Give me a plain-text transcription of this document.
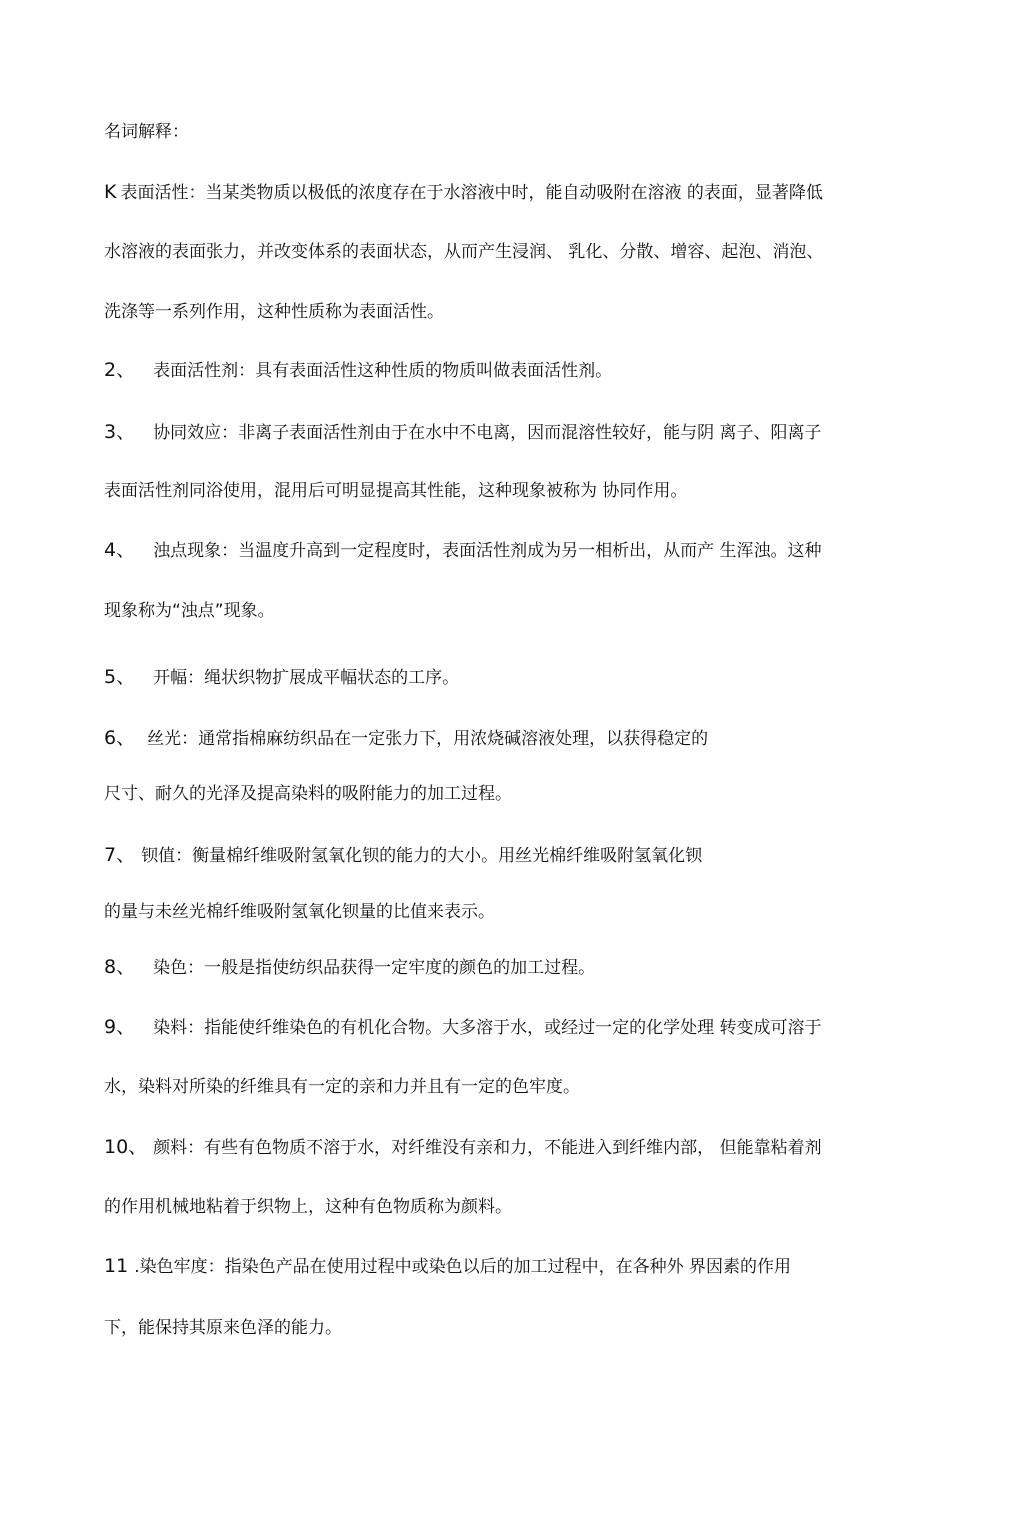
名词解释：
K 表面活性：当某类物质以极低的浓度存在于水溶液中时，能自动吸附在溶液 的表面，显著降低
水溶液的表面张力，并改变体系的表面状态，从而产生浸润、 乳化、分散、增容、起泡、消泡、
洗涤等一系列作用，这种性质称为表面活性。
2、 表面活性剂：具有表面活性这种性质的物质叫做表面活性剂。
3、 协同效应：非离子表面活性剂由于在水中不电离，因而混溶性较好，能与阴 离子、阳离子
表面活性剂同浴使用，混用后可明显提高其性能，这种现象被称为 协同作用。
4、 浊点现象：当温度升高到一定程度时，表面活性剂成为另一相析出，从而产 生浑浊。这种
现象称为“浊点”现象。
5、 开幅：绳状织物扩展成平幅状态的工序。
6、 丝光：通常指棉麻纺织品在一定张力下，用浓烧碱溶液处理，以获得稳定的
尺寸、耐久的光泽及提高染料的吸附能力的加工过程。
7、 钡值：衡量棉纤维吸附氢氧化钡的能力的大小。用丝光棉纤维吸附氢氧化钡
的量与未丝光棉纤维吸附氢氧化钡量的比值来表示。
8、 染色：一般是指使纺织品获得一定牢度的颜色的加工过程。
9、 染料：指能使纤维染色的有机化合物。大多溶于水，或经过一定的化学处理 转变成可溶于
水，染料对所染的纤维具有一定的亲和力并且有一定的色牢度。
10、 颜料：有些有色物质不溶于水，对纤维没有亲和力，不能进入到纤维内部， 但能靠粘着剂
的作用机械地粘着于织物上，这种有色物质称为颜料。
11 .染色牢度：指染色产品在使用过程中或染色以后的加工过程中，在各种外 界因素的作用
下，能保持其原来色泽的能力。
